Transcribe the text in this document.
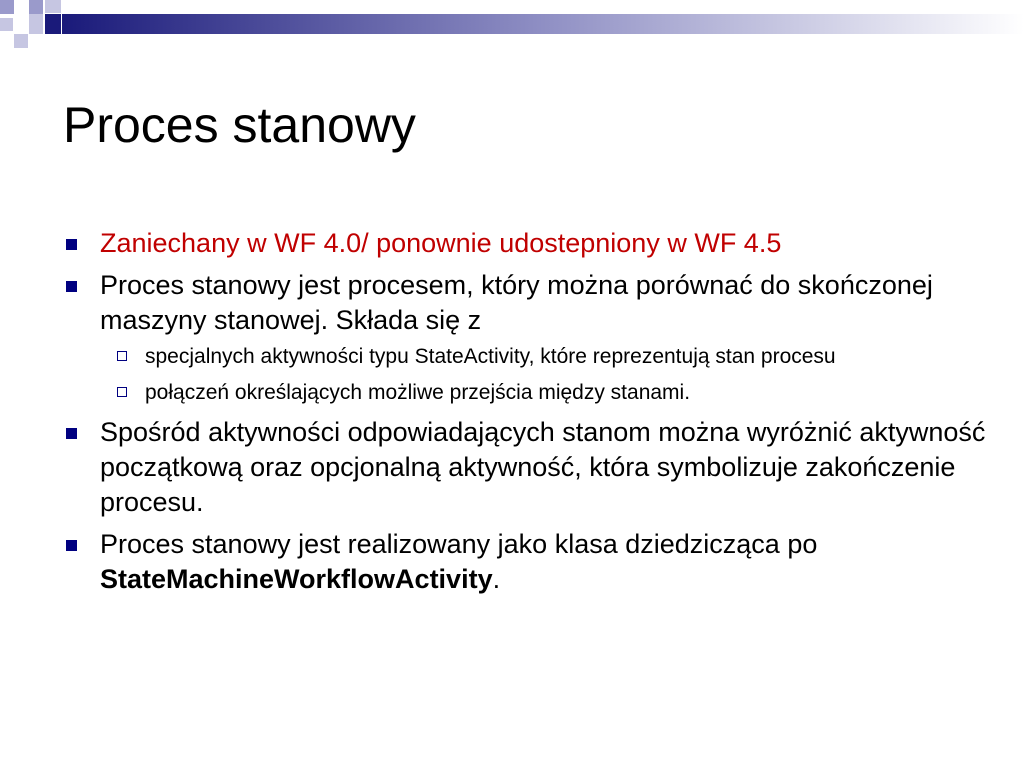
Proces stanowy
Zaniechany w WF 4.0/ ponownie udostepniony w WF 4.5
Proces stanowy jest procesem, który można porównać do skończonej maszyny stanowej. Składa się z
specjalnych aktywności typu StateActivity, które reprezentują stan procesu
połączeń określających możliwe przejścia między stanami.
Spośród aktywności odpowiadających stanom można wyróżnić aktywność początkową oraz opcjonalną aktywność, która symbolizuje zakończenie procesu.
Proces stanowy jest realizowany jako klasa dziedzicząca po StateMachineWorkflowActivity.
